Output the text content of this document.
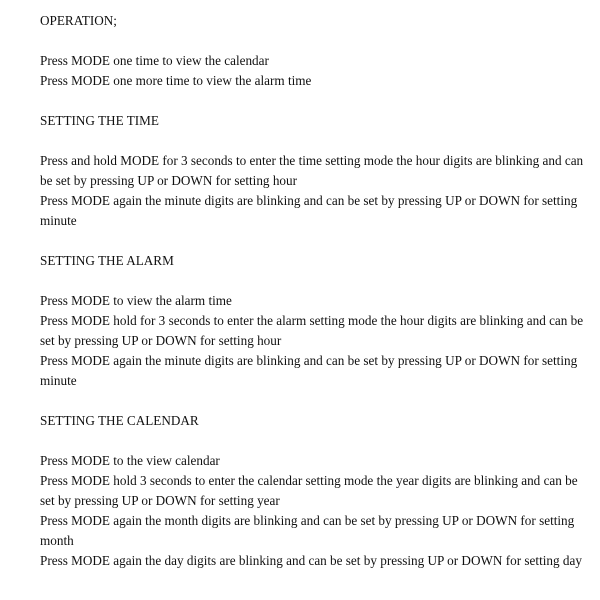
OPERATION;
Press MODE one time to view the calendar
Press MODE one more time to view the alarm time
SETTING THE TIME
Press and hold MODE for 3 seconds to enter the time setting mode the hour digits are blinking and can be set by pressing UP or DOWN for setting hour
Press MODE again the minute digits are blinking and can be set by pressing UP or DOWN for setting minute
SETTING THE ALARM
Press MODE to view the alarm time
Press MODE hold for 3 seconds to enter the alarm setting mode the hour digits are blinking and can be set by pressing UP or DOWN for setting hour
Press MODE again the minute digits are blinking and can be set by pressing UP or DOWN for setting minute
SETTING THE CALENDAR
Press MODE to the view calendar
Press MODE hold 3 seconds to enter the calendar setting mode the year digits are blinking and can be set by pressing UP or DOWN for setting year
Press MODE again the month digits are blinking and can be set by pressing UP or DOWN for setting month
Press MODE again the day digits are blinking and can be set by pressing UP or DOWN for setting day
